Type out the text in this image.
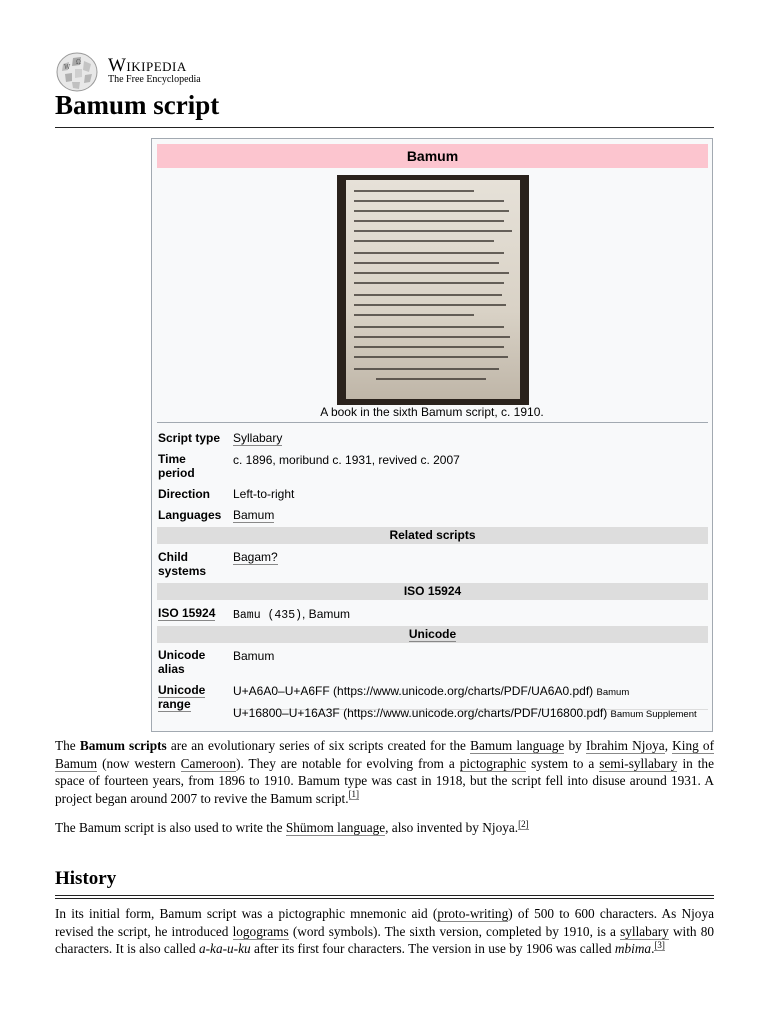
W
Ω Wikipedia
The Free Encyclopedia
Bamum script
Bamum
A book in the sixth Bamum script, c. 1910.
Script type Syllabary
Time
period
c. 1896, moribund c. 1931, revived c. 2007
Direction Left-to-right
Languages Bamum
Related scripts
Child
systems
Bagam?
ISO 15924
ISO 15924 Bamu (435), Bamum
Unicode
Unicode
alias
Bamum
Unicode
range
U+A6A0–U+A6FF (https://www.unicode.org/charts/PDF/UA6A0.pdf) Bamum
U+16800–U+16A3F (https://www.unicode.org/charts/PDF/U16800.pdf) Bamum Supplement

The Bamum scripts are an evolutionary series of six scripts created for the Bamum language by Ibrahim Njoya, King of Bamum (now western Cameroon). They are notable for evolving from a pictographic system to a semi-syllabary in the space of fourteen years, from 1896 to 1910. Bamum type was cast in 1918, but the script fell into disuse around 1931. A project began around 2007 to revive the Bamum script.[1]

The Bamum script is also used to write the Shümom language, also invented by Njoya.[2]

History

In its initial form, Bamum script was a pictographic mnemonic aid (proto-writing) of 500 to 600 characters. As Njoya revised the script, he introduced logograms (word symbols). The sixth version, completed by 1910, is a syllabary with 80 characters. It is also called a-ka-u-ku after its first four characters. The version in use by 1906 was called mbima.[3]
